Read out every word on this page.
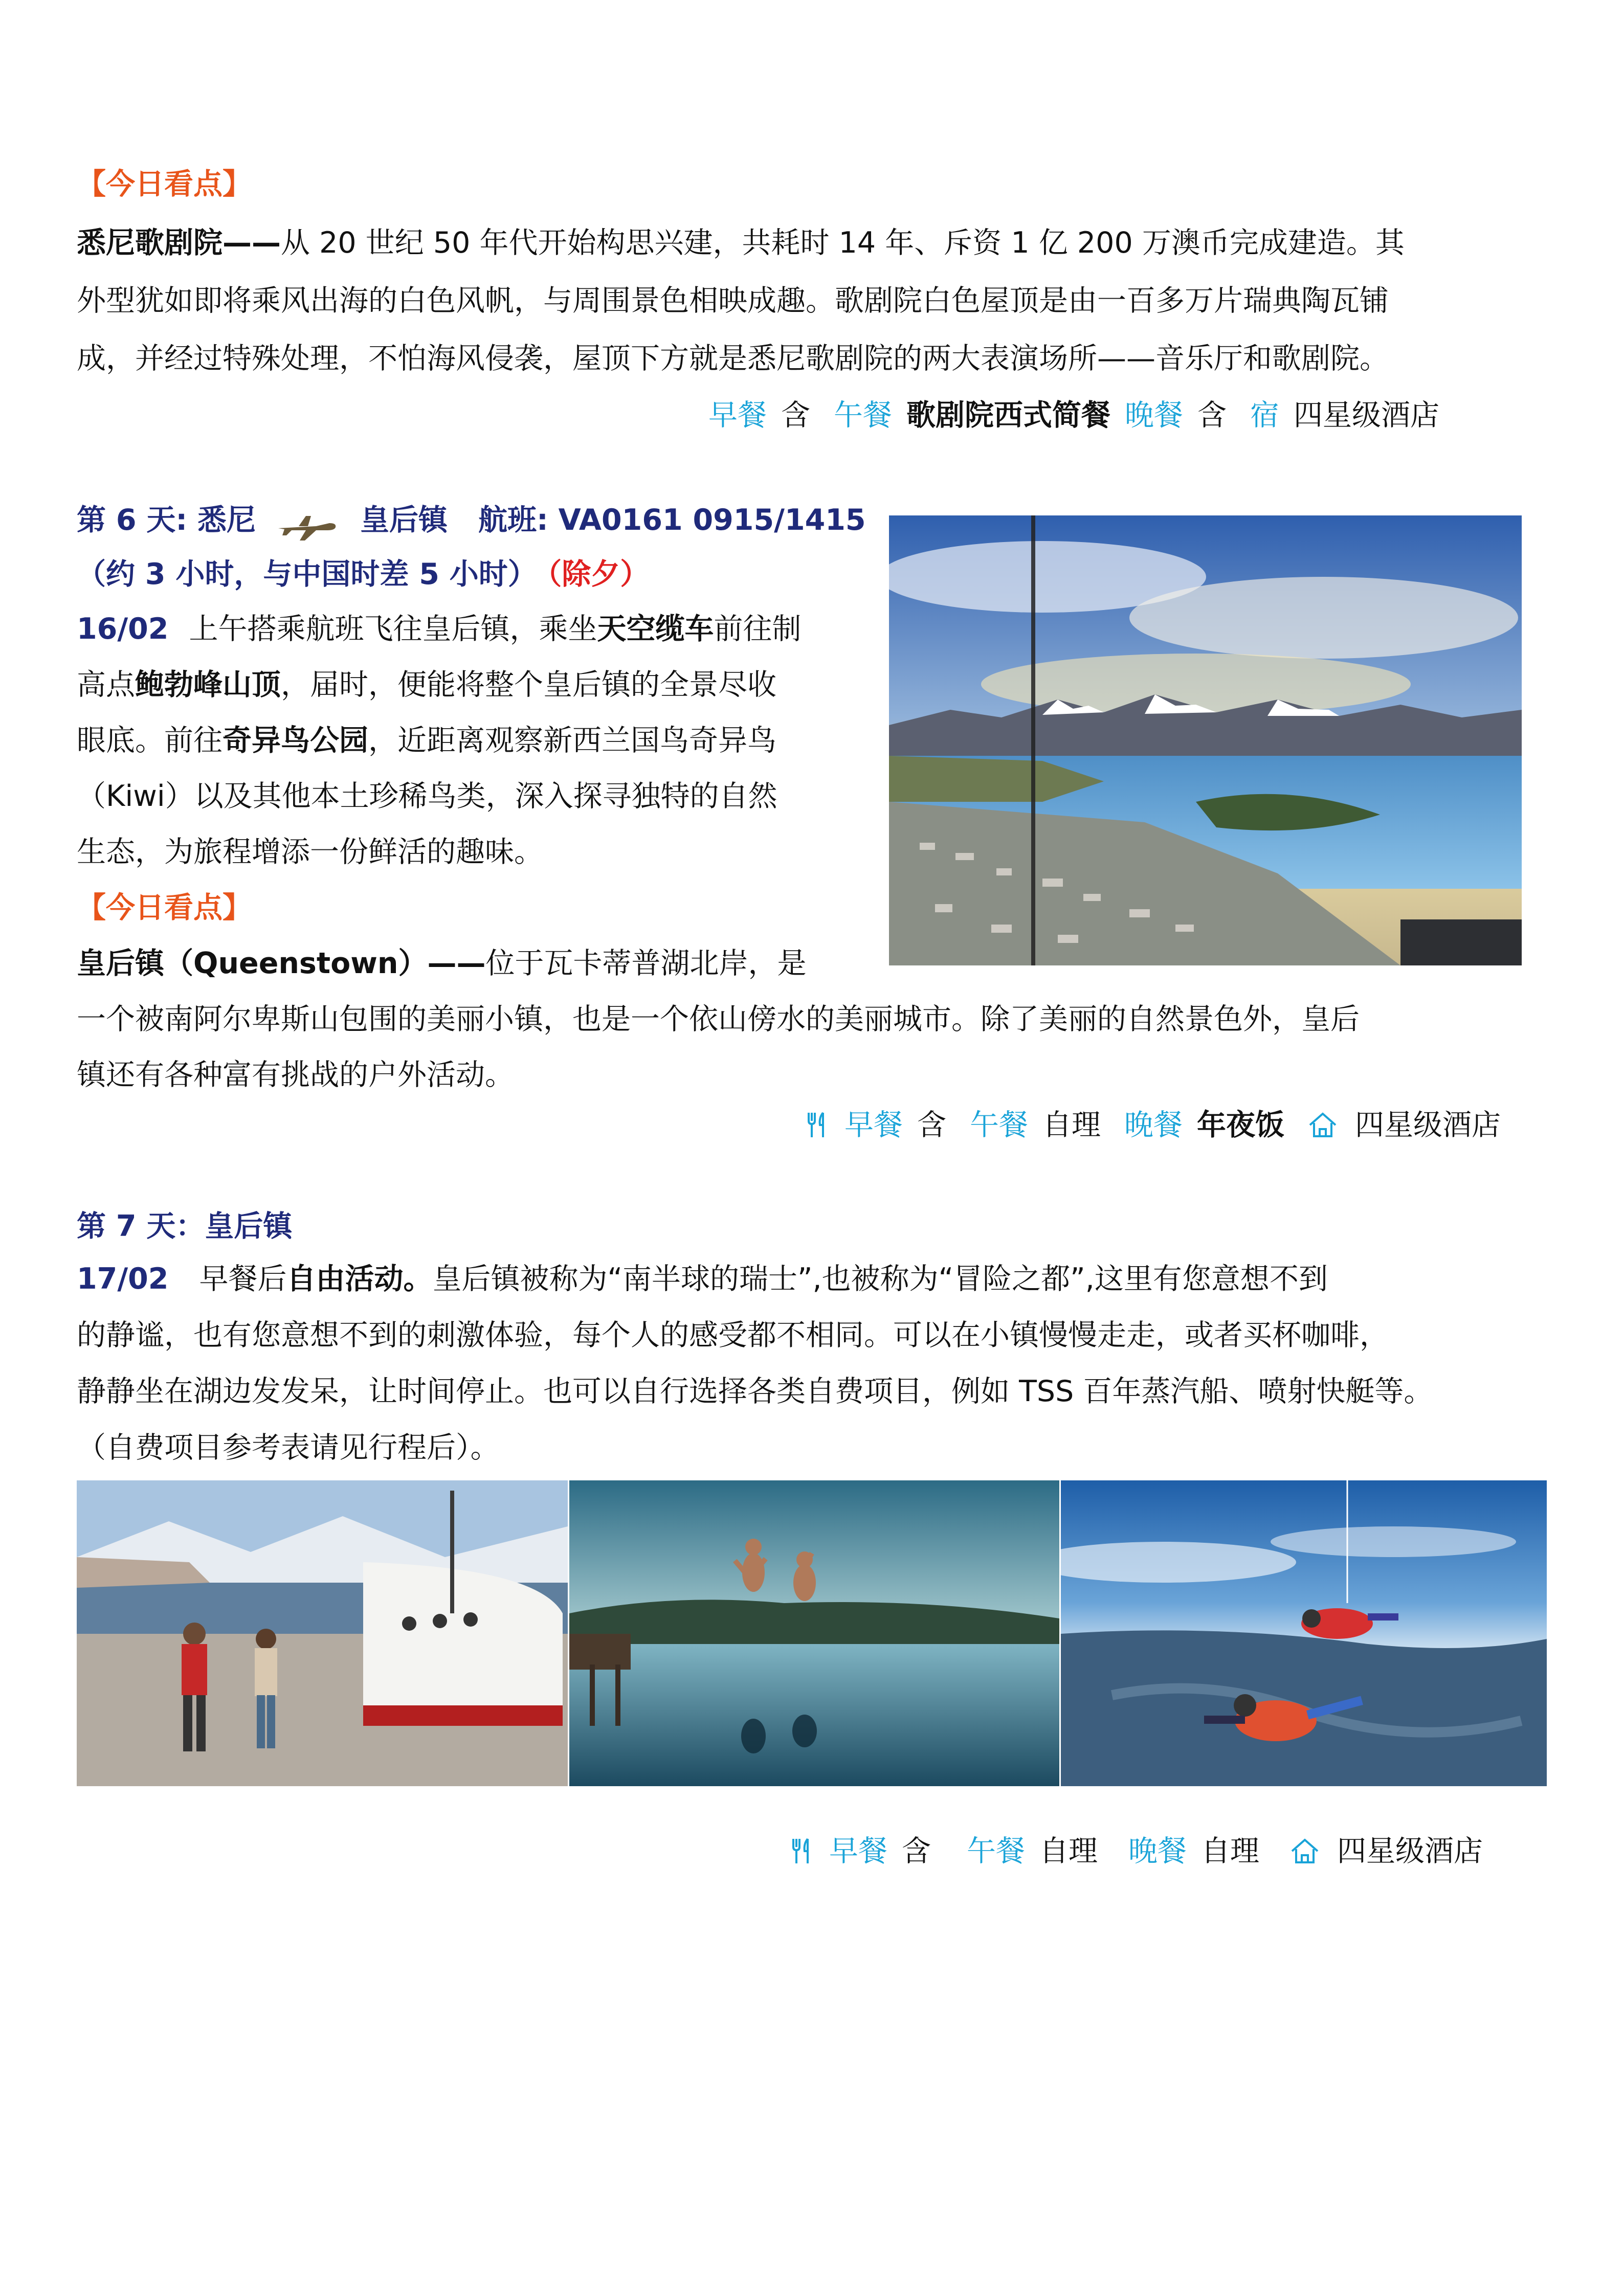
【今日看点】
悉尼歌剧院——从 20 世纪 50 年代开始构思兴建，共耗时 14 年、斥资 1 亿 200 万澳币完成建造。其
外型犹如即将乘风出海的白色风帆，与周围景色相映成趣。歌剧院白色屋顶是由一百多万片瑞典陶瓦铺
成，并经过特殊处理，不怕海风侵袭，屋顶下方就是悉尼歌剧院的两大表演场所——音乐厅和歌剧院。
早餐 含 午餐 歌剧院西式简餐 晚餐 含 宿 四星级酒店
第 6 天: 悉尼	皇后镇 航班: VA0161 0915/1415
（约 3 小时，与中国时差 5 小时） （除夕）
16/02 上午搭乘航班飞往皇后镇，乘坐天空缆车前往制
高点鲍勃峰山顶，届时，便能将整个皇后镇的全景尽收
眼底。前往奇异鸟公园，近距离观察新西兰国鸟奇异鸟
（Kiwi）以及其他本土珍稀鸟类，深入探寻独特的自然
生态，为旅程增添一份鲜活的趣味。
【今日看点】
皇后镇（Queenstown）——位于瓦卡蒂普湖北岸，是
一个被南阿尔卑斯山包围的美丽小镇，也是一个依山傍水的美丽城市。除了美丽的自然景色外，皇后
镇还有各种富有挑战的户外活动。
早餐 含 午餐 自理 晚餐 年夜饭 四星级酒店
第 7 天：皇后镇
17/02 早餐后自由活动。皇后镇被称为“南半球的瑞士”,也被称为“冒险之都”,这里有您意想不到
的静谧，也有您意想不到的刺激体验，每个人的感受都不相同。可以在小镇慢慢走走，或者买杯咖啡，
静静坐在湖边发发呆，让时间停止。也可以自行选择各类自费项目，例如 TSS 百年蒸汽船、喷射快艇等。
（自费项目参考表请见行程后）。
早餐 含 午餐 自理 晚餐 自理	四星级酒店
